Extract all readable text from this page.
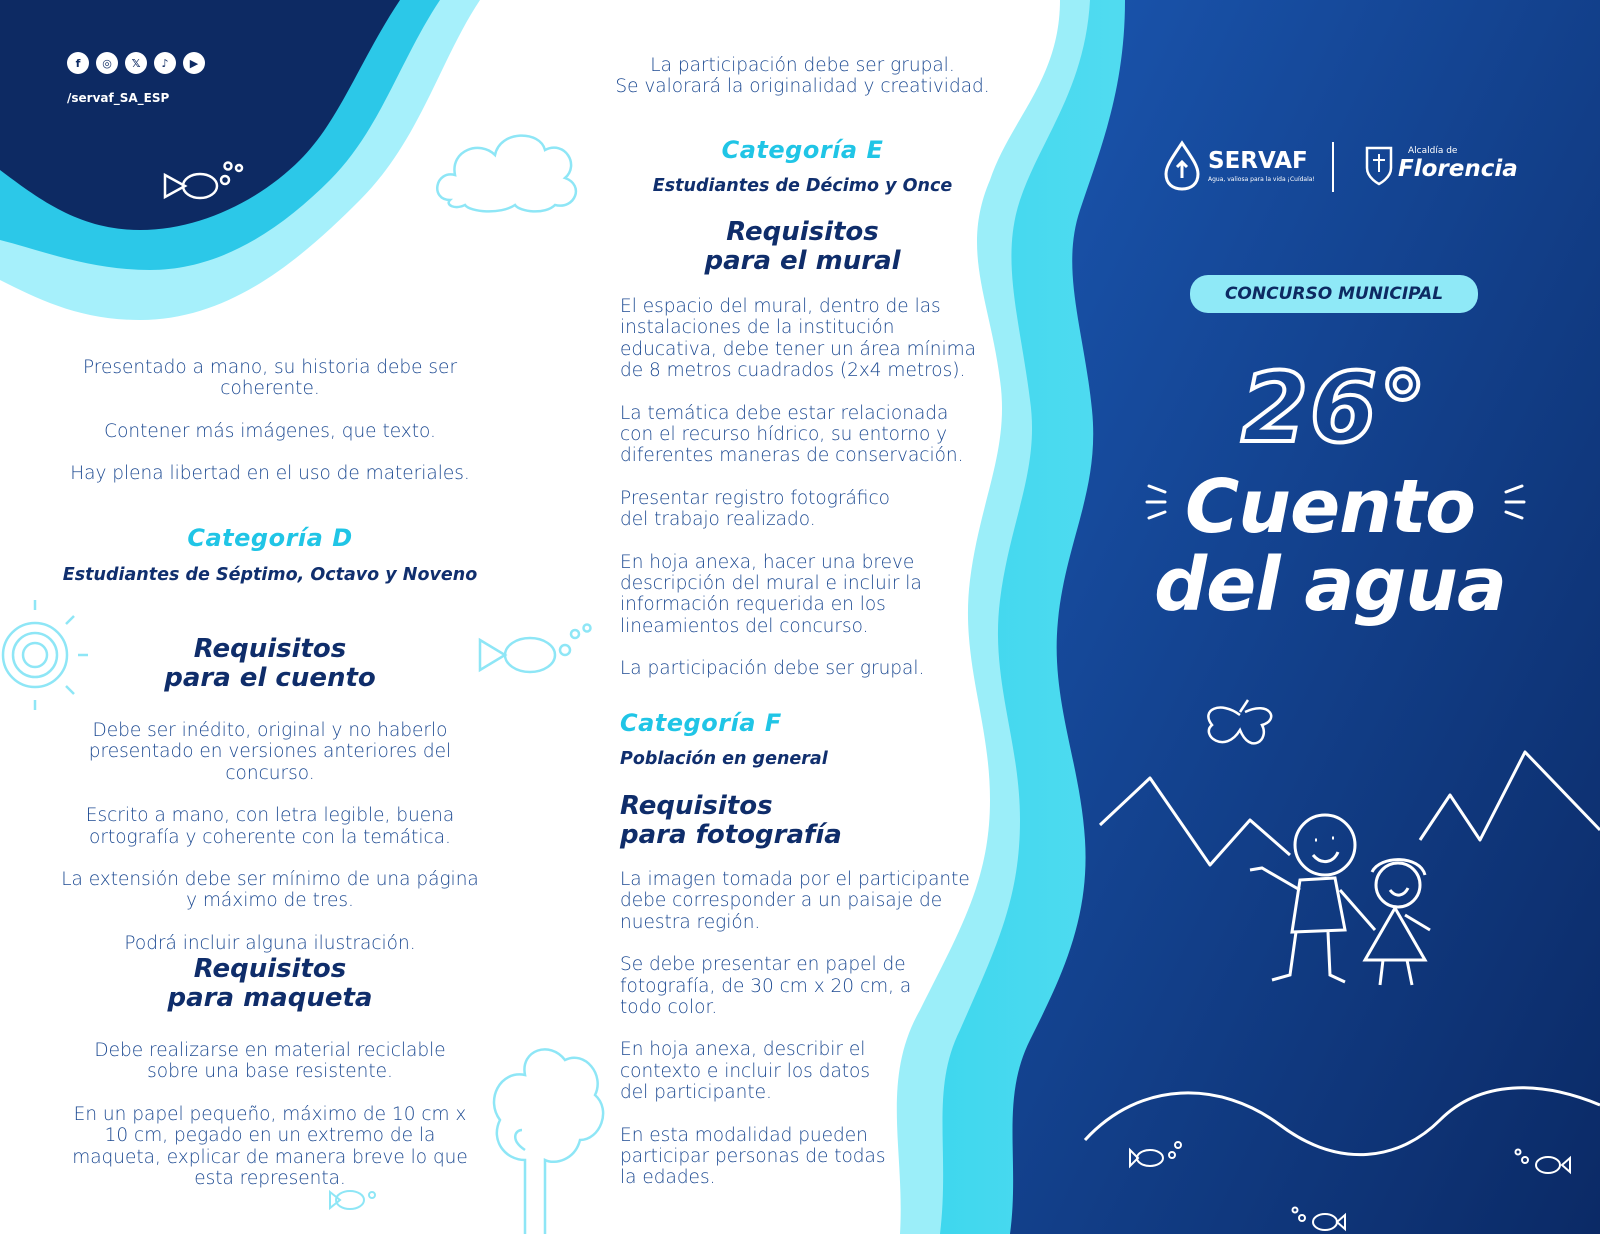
f	◎	𝕏	♪	▶
/servaf_SA_ESP

Presentado a mano, su historia debe ser coherente.

Contener más imágenes, que texto.

Hay plena libertad en el uso de materiales.

Categoría D
Estudiantes de Séptimo, Octavo y Noveno
Requisitos
para el cuento

Debe ser inédito, original y no haberlo presentado en versiones anteriores del concurso.

Escrito a mano, con letra legible, buena ortografía y coherente con la temática.

La extensión debe ser mínimo de una página y máximo de tres.

Podrá incluir alguna ilustración.

Requisitos
para maqueta

Debe realizarse en material reciclable sobre una base resistente.

En un papel pequeño, máximo de 10 cm x 10 cm, pegado en un extremo de la maqueta, explicar de manera breve lo que esta representa.

La participación debe ser grupal.
Se valorará la originalidad y creatividad.
Categoría E
Estudiantes de Décimo y Once
Requisitos
para el mural

El espacio del mural, dentro de las instalaciones de la institución educativa, debe tener un área mínima de 8 metros cuadrados (2x4 metros).

La temática debe estar relacionada con el recurso hídrico, su entorno y diferentes maneras de conservación.

Presentar registro fotográfico del trabajo realizado.

En hoja anexa, hacer una breve descripción del mural e incluir la información requerida en los lineamientos del concurso.

La participación debe ser grupal.

Categoría F
Población en general
Requisitos
para fotografía

La imagen tomada por el participante debe corresponder a un paisaje de nuestra región.

Se debe presentar en papel de fotografía, de 30 cm x 20 cm, a todo color.

En hoja anexa, describir el contexto e incluir los datos del participante.

En esta modalidad pueden participar personas de todas la edades.

SERVAF
Agua, valiosa para la vida ¡Cuídala!
Alcaldía de
Florencia
CONCURSO MUNICIPAL
26°
Cuento
del agua
